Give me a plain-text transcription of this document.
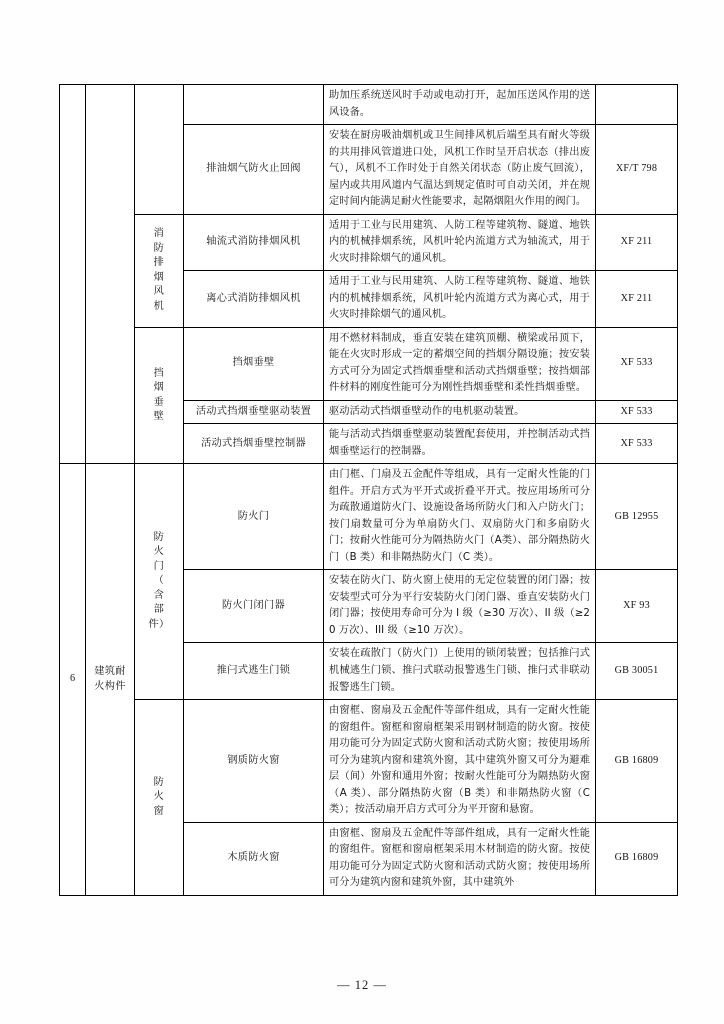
		助加压系统送风时手动或电动打开，起加压送风作用的送风设备。	
			排油烟气防火止回阀	安装在厨房吸油烟机或卫生间排风机后端至具有耐火等级的共用排风管道进口处，风机工作时呈开启状态（排出废气），风机不工作时处于自然关闭状态（防止废气回流），屋内或共用风道内气温达到规定值时可自动关闭，并在规定时间内能满足耐火性能要求，起隔烟阻火作用的阀门。	XF/T 798

消
防
排
烟
风
机
	轴流式消防排烟风机	适用于工业与民用建筑、人防工程等建筑物、隧道、地铁内的机械排烟系统，风机叶轮内流道方式为轴流式，用于火灾时排除烟气的通风机。	XF 211
			离心式消防排烟风机	适用于工业与民用建筑、人防工程等建筑物、隧道、地铁内的机械排烟系统，风机叶轮内流道方式为离心式，用于火灾时排除烟气的通风机。	XF 211

		挡
烟
垂
壁	挡烟垂壁	用不燃材料制成，垂直安装在建筑顶棚、横梁或吊顶下，能在火灾时形成一定的蓄烟空间的挡烟分隔设施；按安装方式可分为固定式挡烟垂壁和活动式挡烟垂壁；按挡烟部件材料的刚度性能可分为刚性挡烟垂壁和柔性挡烟垂壁。	XF 533
			活动式挡烟垂壁驱动装置	驱动活动式挡烟垂壁动作的电机驱动装置。	XF 533
			活动式挡烟垂壁控制器	能与活动式挡烟垂壁驱动装置配套使用，并控制活动式挡烟垂壁运行的控制器。	XF 533
6	
建筑耐火构件

防
火
门
（
含
部
件）
	防火门	由门框、门扇及五金配件等组成，具有一定耐火性能的门组件。开启方式为平开式或折叠平开式。按应用场所可分为疏散通道防火门、设施设备场所防火门和入户防火门；按门扇数量可分为单扇防火门、双扇防火门和多扇防火门；按耐火性能可分为隔热防火门（A类）、部分隔热防火门（B 类）和非隔热防火门（C 类）。	GB 12955
			防火门闭门器	安装在防火门、防火窗上使用的无定位装置的闭门器；按安装型式可分为平行安装防火门闭门器、垂直安装防火门闭门器；按使用寿命可分为 I 级（≥30 万次）、II 级（≥20 万次）、III 级（≥10 万次）。	XF 93
			推闩式逃生门锁	安装在疏散门（防火门）上使用的锁闭装置；包括推闩式机械逃生门锁、推闩式联动报警逃生门锁、推闩式非联动报警逃生门锁。	GB 30051

		防
火
窗	钢质防火窗	由窗框、窗扇及五金配件等部件组成，具有一定耐火性能的窗组件。窗框和窗扇框架采用钢材制造的防火窗。按使用功能可分为固定式防火窗和活动式防火窗；按使用场所可分为建筑内窗和建筑外窗，其中建筑外窗又可分为避难层（间）外窗和通用外窗；按耐火性能可分为隔热防火窗（A 类）、部分隔热防火窗（B 类）和非隔热防火窗（C 类）；按活动扇开启方式可分为平开窗和悬窗。	GB 16809
			木质防火窗	由窗框、窗扇及五金配件等部件组成，具有一定耐火性能的窗组件。窗框和窗扇框架采用木材制造的防火窗。按使用功能可分为固定式防火窗和活动式防火窗；按使用场所可分为建筑内窗和建筑外窗，其中建筑外	GB 16809
— 12 —
